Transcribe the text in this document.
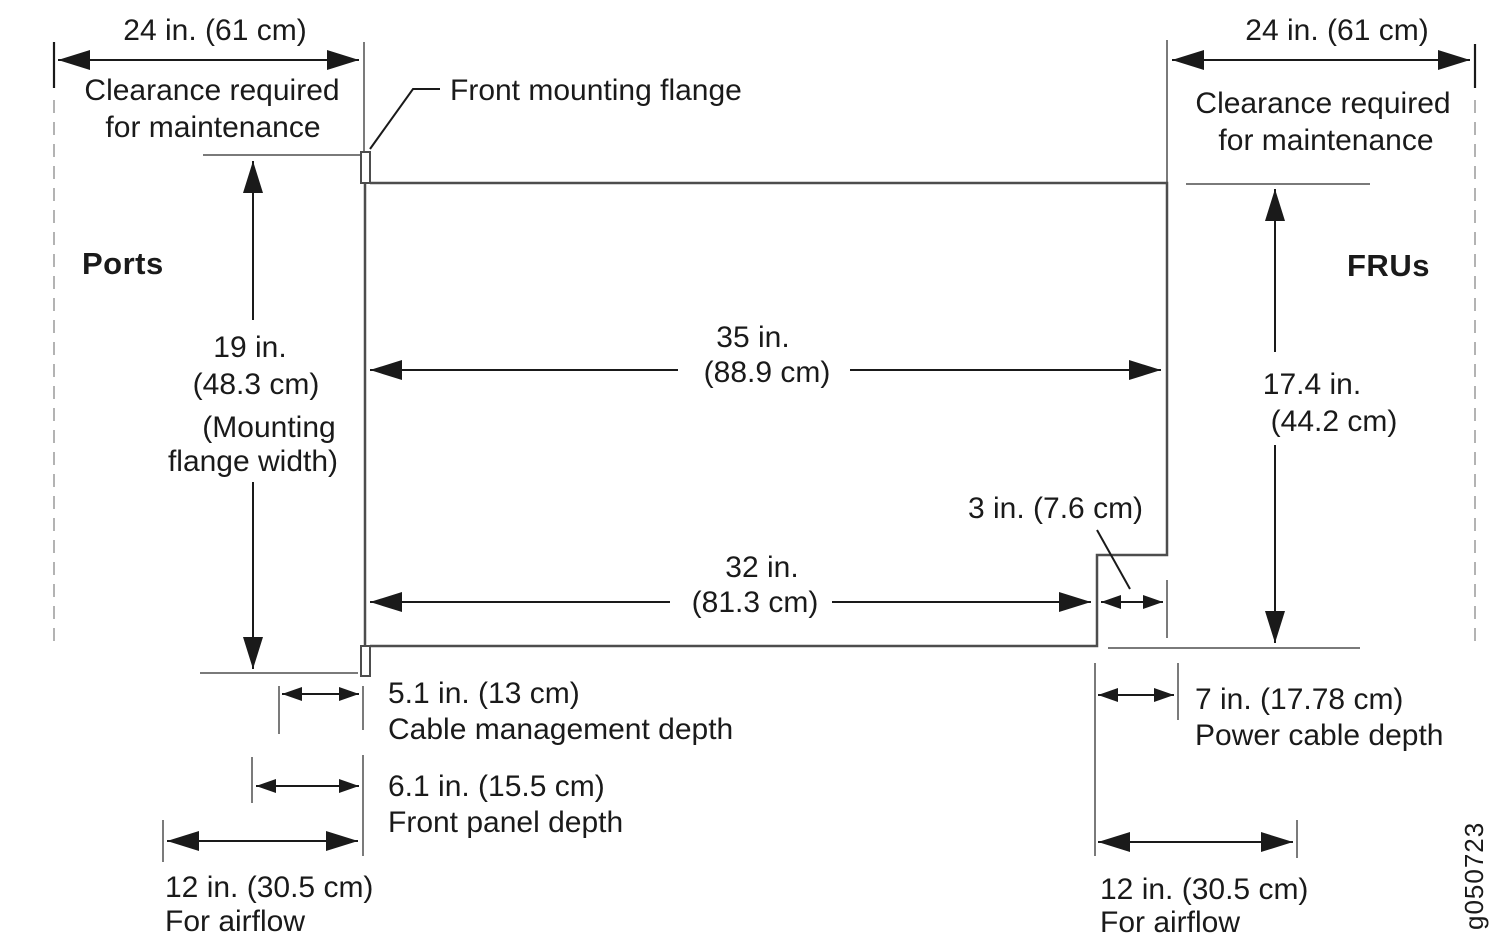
24 in. (61 cm)
Clearance required
for maintenance
24 in. (61 cm)
Clearance required
for maintenance
Front mounting flange
Ports	FRUs
19 in.
(48.3 cm)
(Mounting
flange width)
35 in.
(88.9 cm)
32 in.
(81.3 cm)
17.4 in.
(44.2 cm)
3 in. (7.6 cm)
5.1 in. (13 cm)
Cable management depth
6.1 in. (15.5 cm)
Front panel depth
12 in. (30.5 cm)
For airflow
7 in. (17.78 cm)
Power cable depth
12 in. (30.5 cm)
For airflow	g050723
